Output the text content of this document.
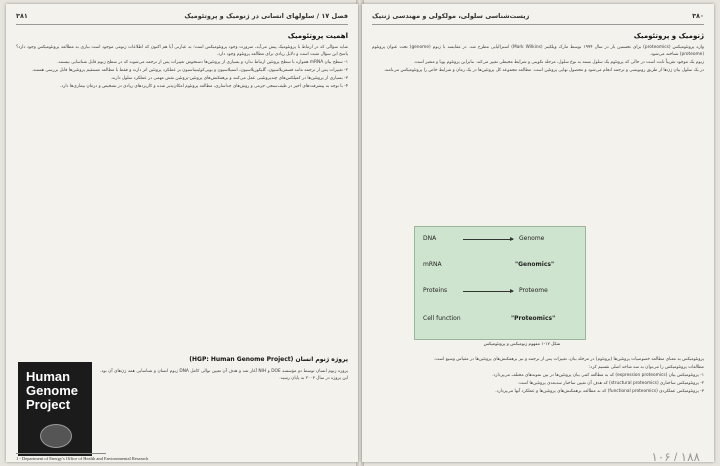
۳۸۱	فصل ۱۷ / سلولهای انسانی در ژنومیک و پروتئومیک
اهمیت پروتئومیک

شاید سؤالی که در ارتباط با پروتئومیک پیش می‌آید، ضرورت وجود پروتئومیکس است؛ به عبارتی آیا هم اکنون که اطلاعات ژنومی موجود است نیازی به مطالعه پروتئومیکس وجود دارد؟ پاسخ این سؤال مثبت است و دلایل زیادی برای مطالعه پروتئوم وجود دارد.

۱- سطح بیان mRNA همواره با سطح پروتئین ارتباط ندارد و بسیاری از پروتئین‌ها دستخوش تغییرات پس از ترجمه می‌شوند که در سطح ژنوم قابل شناسایی نیستند.

۲- تغییرات پس از ترجمه مانند فسفریلاسیون، گلیکوزیلاسیون، استیلاسیون و یوبی‌کوئیتیناسیون بر عملکرد پروتئین اثر دارند و فقط با مطالعه مستقیم پروتئین‌ها قابل بررسی هستند.

۳- بسیاری از پروتئین‌ها در کمپلکس‌های چندپروتئینی عمل می‌کنند و برهمکنش‌های پروتئین-پروتئین نقش مهمی در عملکرد سلول دارند.

۴- با توجه به پیشرفت‌های اخیر در طیف‌سنجی جرمی و روش‌های جداسازی، مطالعه پروتئوم امکان‌پذیر شده و کاربردهای زیادی در تشخیص و درمان بیماری‌ها دارد.

پروژه ژنوم انسان (HGP: Human Genome Project)
پروژه ژنوم انسان توسط دو مؤسسه DOE و NIH آغاز شد و هدف آن تعیین توالی کامل DNA ژنوم انسان و شناسایی همه ژن‌های آن بود. این پروژه در سال ۲۰۰۳ به پایان رسید.
Human
Genome
Project
1 - Department of Energy's Office of Health and Environmental Research
۳۸۰
زیست‌شناسی سلولی، مولکولی و مهندسی ژنتیک
ژنومیک و پروتئومیک

واژه پروتئومیکس (proteomics) برای نخستین بار در سال ۱۹۹۴ توسط مارک ویلکینز (Mark Wilkins) استرالیایی مطرح شد. در مقایسه با ژنوم (genome) تحت عنوان پروتئوم (proteome) شناخته می‌شود.

ژنوم یک موجود تقریباً ثابت است در حالی که پروتئوم یک سلول بسته به نوع سلول، مرحله تکوینی و شرایط محیطی تغییر می‌کند. بنابراین پروتئوم پویا و متغیر است.

در یک سلول بیان ژن‌ها از طریق رونویسی و ترجمه انجام می‌شود و محصول نهایی پروتئین است. مطالعه مجموعه کل پروتئین‌ها در یک زمان و شرایط خاص را پروتئومیکس می‌نامند.

DNA	Genome
mRNA	"Genomics"
Proteins	Proteome
Cell function	"Proteomics"
شکل ۱۷-۱ مفهوم ژنومیکس و پروتئومیکس

پروتئومیکس به معنای مطالعه خصوصیات پروتئین‌ها (پروتئوم) در مرحله بیان، تغییرات پس از ترجمه و نیز برهمکنش‌های پروتئین‌ها در مقیاس وسیع است.

مطالعات پروتئومیکس را می‌توان به سه شاخه اصلی تقسیم کرد:

۱- پروتئومیکس بیان (expression proteomics) که به مطالعه کمی بیان پروتئین‌ها در بین نمونه‌های مختلف می‌پردازد.

۲- پروتئومیکس ساختاری (structural proteomics) که هدف آن تعیین ساختار سه‌بعدی پروتئین‌ها است.

۳- پروتئومیکس عملکردی (functional proteomics) که به مطالعه برهمکنش‌های پروتئین‌ها و عملکرد آنها می‌پردازد.

۱۰۶ / ۱۸۸
